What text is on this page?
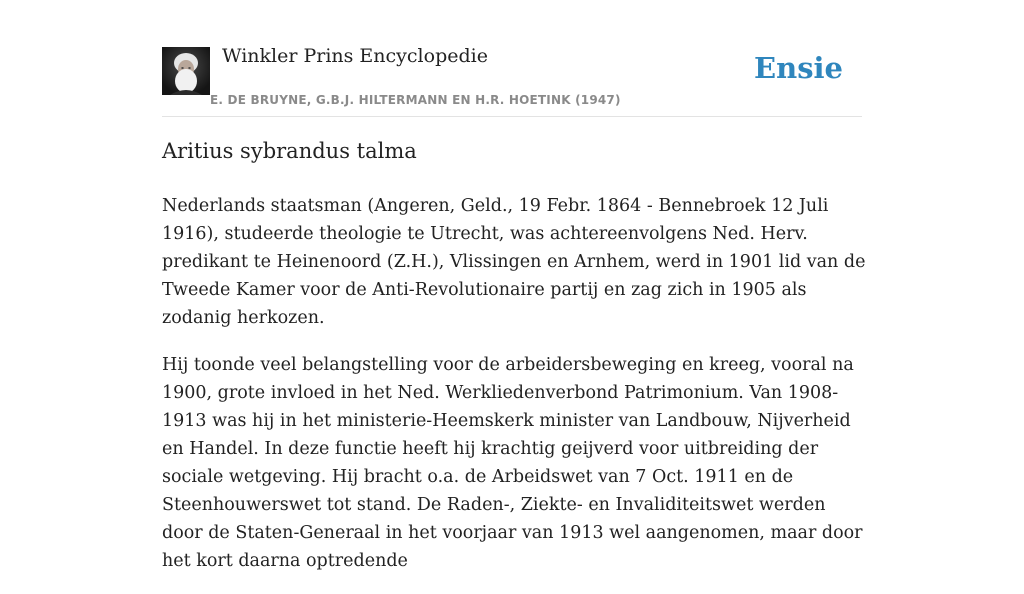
Winkler Prins Encyclopedie
E. DE BRUYNE, G.B.J. HILTERMANN EN H.R. HOETINK (1947)
Ensie
Aritius sybrandus talma

Nederlands staatsman (Angeren, Geld., 19 Febr. 1864 - Bennebroek 12 Juli 1916), studeerde theologie te Utrecht, was achtereenvolgens Ned. Herv. predikant te Heinenoord (Z.H.), Vlissingen en Arnhem, werd in 1901 lid van de Tweede Kamer voor de Anti-Revolutionaire partij en zag zich in 1905 als zodanig herkozen.

Hij toonde veel belangstelling voor de arbeidersbeweging en kreeg, vooral na 1900, grote invloed in het Ned. Werkliedenverbond Patrimonium. Van 1908-1913 was hij in het ministerie-Heemskerk minister van Landbouw, Nijverheid en Handel. In deze functie heeft hij krachtig geijverd voor uitbreiding der sociale wetgeving. Hij bracht o.a. de Arbeidswet van 7 Oct. 1911 en de Steenhouwerswet tot stand. De Raden-, Ziekte- en Invaliditeitswet werden door de Staten-Generaal in het voorjaar van 1913 wel aangenomen, maar door het kort daarna optredende
